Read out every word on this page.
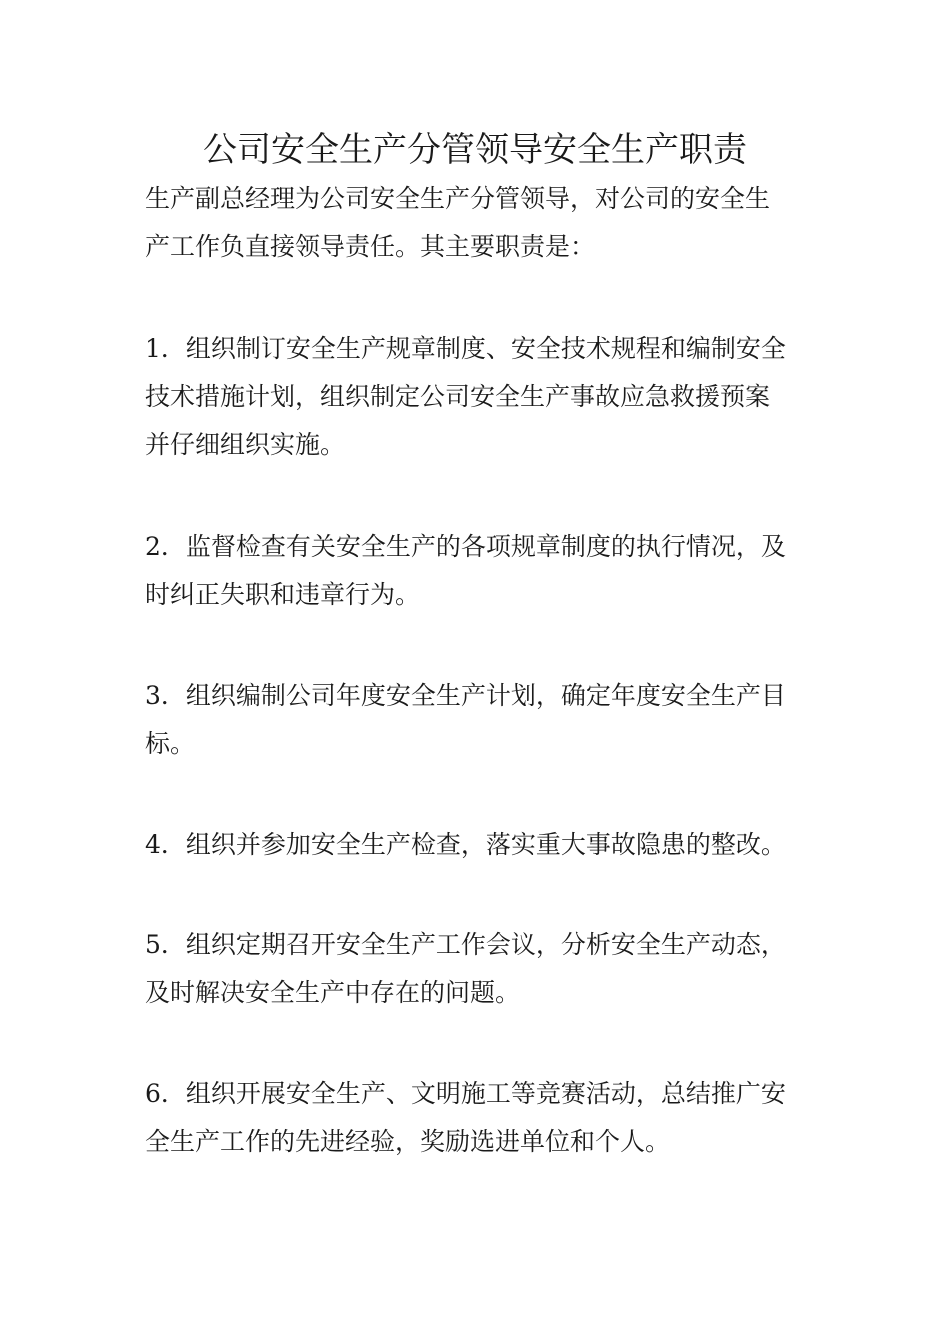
公司安全生产分管领导安全生产职责

生产副总经理为公司安全生产分管领导，对公司的安全生
产工作负直接领导责任。其主要职责是：

1．组织制订安全生产规章制度、安全技术规程和编制安全
技术措施计划，组织制定公司安全生产事故应急救援预案
并仔细组织实施。

2．监督检查有关安全生产的各项规章制度的执行情况，及
时纠正失职和违章行为。

3．组织编制公司年度安全生产计划，确定年度安全生产目
标。

4．组织并参加安全生产检查，落实重大事故隐患的整改。

5．组织定期召开安全生产工作会议，分析安全生产动态，
及时解决安全生产中存在的问题。

6．组织开展安全生产、文明施工等竞赛活动，总结推广安
全生产工作的先进经验，奖励选进单位和个人。
